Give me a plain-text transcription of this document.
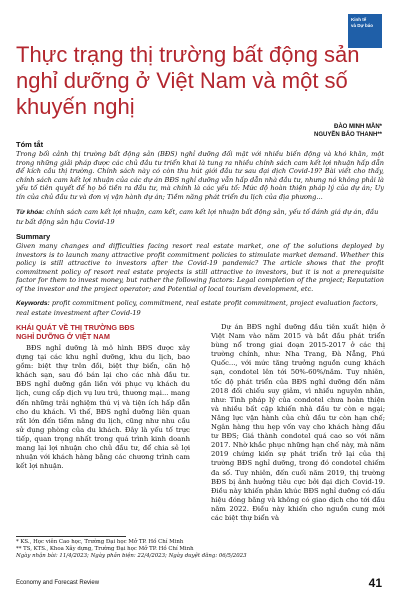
Kinh tế
và Dự báo
Thực trạng thị trường bất động sản nghỉ dưỡng ở Việt Nam và một số khuyến nghị
ĐÀO MINH MẪN*
NGUYỄN BẢO THANH**
Tóm tắt
Trong bối cảnh thị trường bất động sản (BĐS) nghỉ dưỡng đối mặt với nhiều biến động và khó khăn, một trong những giải pháp được các chủ đầu tư triển khai là tung ra nhiều chính sách cam kết lợi nhuận hấp dẫn để kích cầu thị trường. Chính sách này có còn thu hút giới đầu tư sau đại dịch Covid-19? Bài viết cho thấy, chính sách cam kết lợi nhuận của các dự án BĐS nghỉ dưỡng vẫn hấp dẫn nhà đầu tư, nhưng nó không phải là yếu tố tiên quyết để họ bỏ tiền ra đầu tư, mà chính là các yếu tố: Mức độ hoàn thiện pháp lý của dự án; Uy tín của chủ đầu tư và đơn vị vận hành dự án; Tiềm năng phát triển du lịch của địa phương...
Từ khóa: chính sách cam kết lợi nhuận, cam kết, cam kết lợi nhuận bất động sản, yếu tố đánh giá dự án, đầu tư bất động sản hậu Covid-19
Summary
Given many changes and difficulties facing resort real estate market, one of the solutions deployed by investors is to launch many attractive profit commitment policies to stimulate market demand. Whether this policy is still attractive to investors after the Covid-19 pandemic? The article shows that the profit commitment policy of resort real estate projects is still attractive to investors, but it is not a prerequisite factor for them to invest money, but rather the following factors: Legal completion of the project; Reputation of the investor and the project operator; and Potential of local tourism development, etc.
Keywords: profit commitment policy, commitment, real estate profit commitment, project evaluation factors, real estate investment after Covid-19
KHÁI QUÁT VỀ THỊ TRƯỜNG BĐS
NGHỈ DƯỠNG Ở VIỆT NAM

BĐS nghỉ dưỡng là mô hình BĐS được xây dựng tại các khu nghỉ dưỡng, khu du lịch, bao gồm: biệt thự trên đồi, biệt thự biển, căn hộ khách sạn, sau đó bán lại cho các nhà đầu tư. BĐS nghỉ dưỡng gắn liền với phục vụ khách du lịch, cung cấp dịch vụ lưu trú, thương mại... mang đến những trải nghiệm thú vị và tiện ích hấp dẫn cho du khách. Vì thế, BĐS nghỉ dưỡng liên quan rất lớn đến tiềm năng du lịch, cũng như nhu cầu sử dụng phòng của du khách. Đây là yếu tố trực tiếp, quan trọng nhất trong quá trình kinh doanh mang lại lợi nhuận cho chủ đầu tư, để chia sẻ lợi nhuận với khách hàng bằng các chương trình cam kết lợi nhuận.

Dự án BĐS nghỉ dưỡng đầu tiên xuất hiện ở Việt Nam vào năm 2015 và bắt đầu phát triển bùng nổ trong giai đoạn 2015-2017 ở các thị trường chính, như: Nha Trang, Đà Nẵng, Phú Quốc..., với mức tăng trưởng nguồn cung khách sạn, condotel lên tới 50%-60%/năm. Tuy nhiên, tốc độ phát triển của BĐS nghỉ dưỡng đến năm 2018 đối chiếu suy giảm, vì nhiều nguyên nhân, như: Tình pháp lý của condotel chưa hoàn thiện và nhiều bất cập khiến nhà đầu tư còn e ngại; Năng lực vận hành của chủ đầu tư còn hạn chế; Ngân hàng thu hẹp vốn vay cho khách hàng đầu tư BĐS; Giá thành condotel quá cao so với năm 2017. Nhờ khắc phục những hạn chế này, mà năm 2019 chứng kiến sự phát triển trở lại của thị trường BĐS nghỉ dưỡng, trong đó condotel chiếm đa số. Tuy nhiên, đến cuối năm 2019, thị trường BĐS bị ảnh hưởng tiêu cực bởi đại dịch Covid-19. Điều này khiến phân khúc BĐS nghỉ dưỡng có dấu hiệu đóng băng và không có giao dịch cho tới đầu năm 2022. Điều này khiến cho nguồn cung mới các biệt thự biển và

* KS., Học viên Cao học, Trường Đại học Mở TP. Hồ Chí Minh
** TS, KTS., Khoa Xây dựng, Trường Đại học Mở TP. Hồ Chí Minh
Ngày nhận bài: 11/4/2023; Ngày phản biện: 22/4/2023; Ngày duyệt đăng: 06/5/2023
Economy and Forecast Review	41
